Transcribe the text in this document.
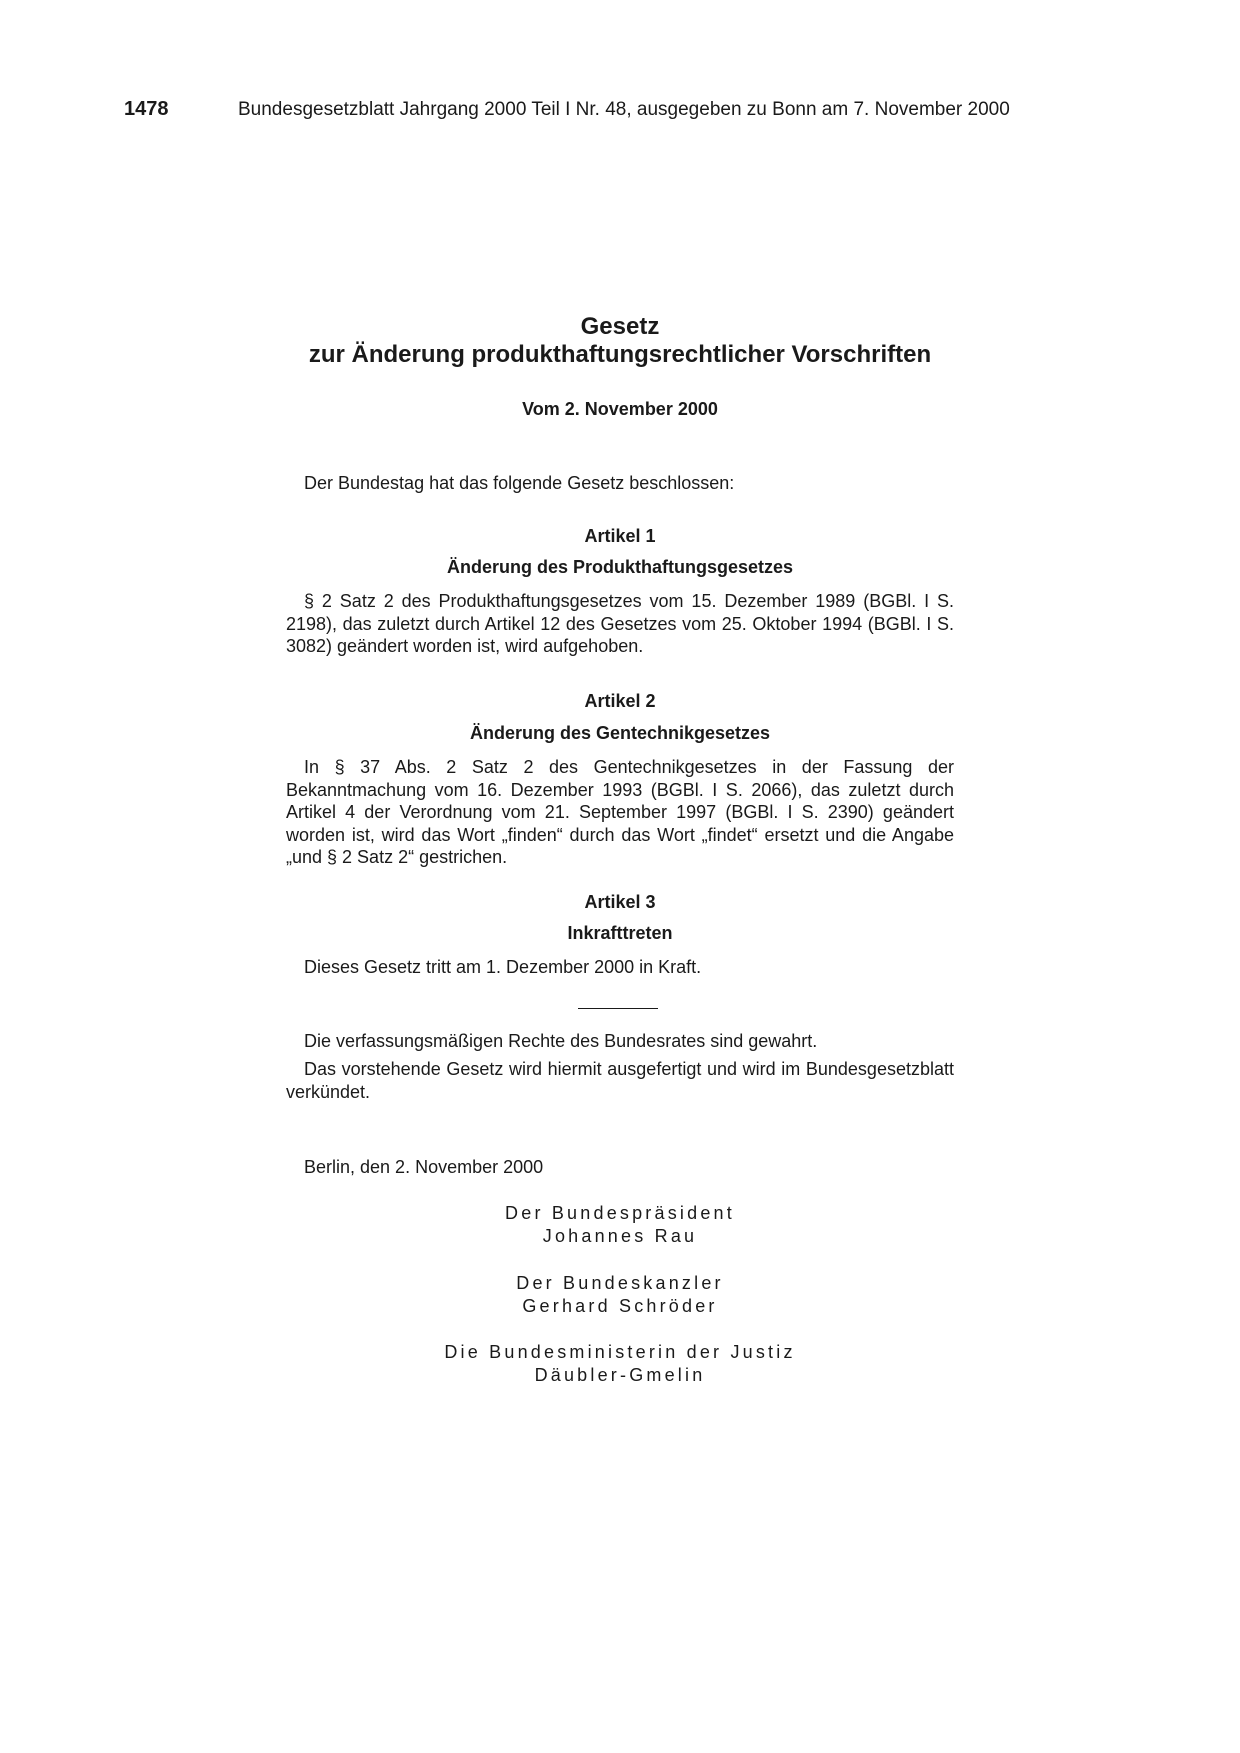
1478	Bundesgesetzblatt Jahrgang 2000 Teil I Nr. 48, ausgegeben zu Bonn am 7. November 2000
Gesetz
zur Änderung produkthaftungsrechtlicher Vorschriften
Vom 2. November 2000

Der Bundestag hat das folgende Gesetz beschlossen:

Artikel 1

Änderung des Produkthaftungsgesetzes

§ 2 Satz 2 des Produkthaftungsgesetzes vom 15. Dezember 1989 (BGBl. I S. 2198), das zuletzt durch Artikel 12 des Gesetzes vom 25. Oktober 1994 (BGBl. I S. 3082) geändert worden ist, wird aufgehoben.

Artikel 2

Änderung des Gentechnikgesetzes

In § 37 Abs. 2 Satz 2 des Gentechnikgesetzes in der Fassung der Bekanntmachung vom 16. Dezember 1993 (BGBl. I S. 2066), das zuletzt durch Artikel 4 der Verordnung vom 21. September 1997 (BGBl. I S. 2390) geändert worden ist, wird das Wort „finden“ durch das Wort „findet“ ersetzt und die Angabe „und § 2 Satz 2“ gestrichen.

Artikel 3

Inkrafttreten

Dieses Gesetz tritt am 1. Dezember 2000 in Kraft.

Die verfassungsmäßigen Rechte des Bundesrates sind gewahrt.

Das vorstehende Gesetz wird hiermit ausgefertigt und wird im Bundesgesetzblatt verkündet.

Berlin, den 2. November 2000

Der Bundespräsident

Johannes Rau

Der Bundeskanzler

Gerhard Schröder

Die Bundesministerin der Justiz

Däubler-Gmelin
